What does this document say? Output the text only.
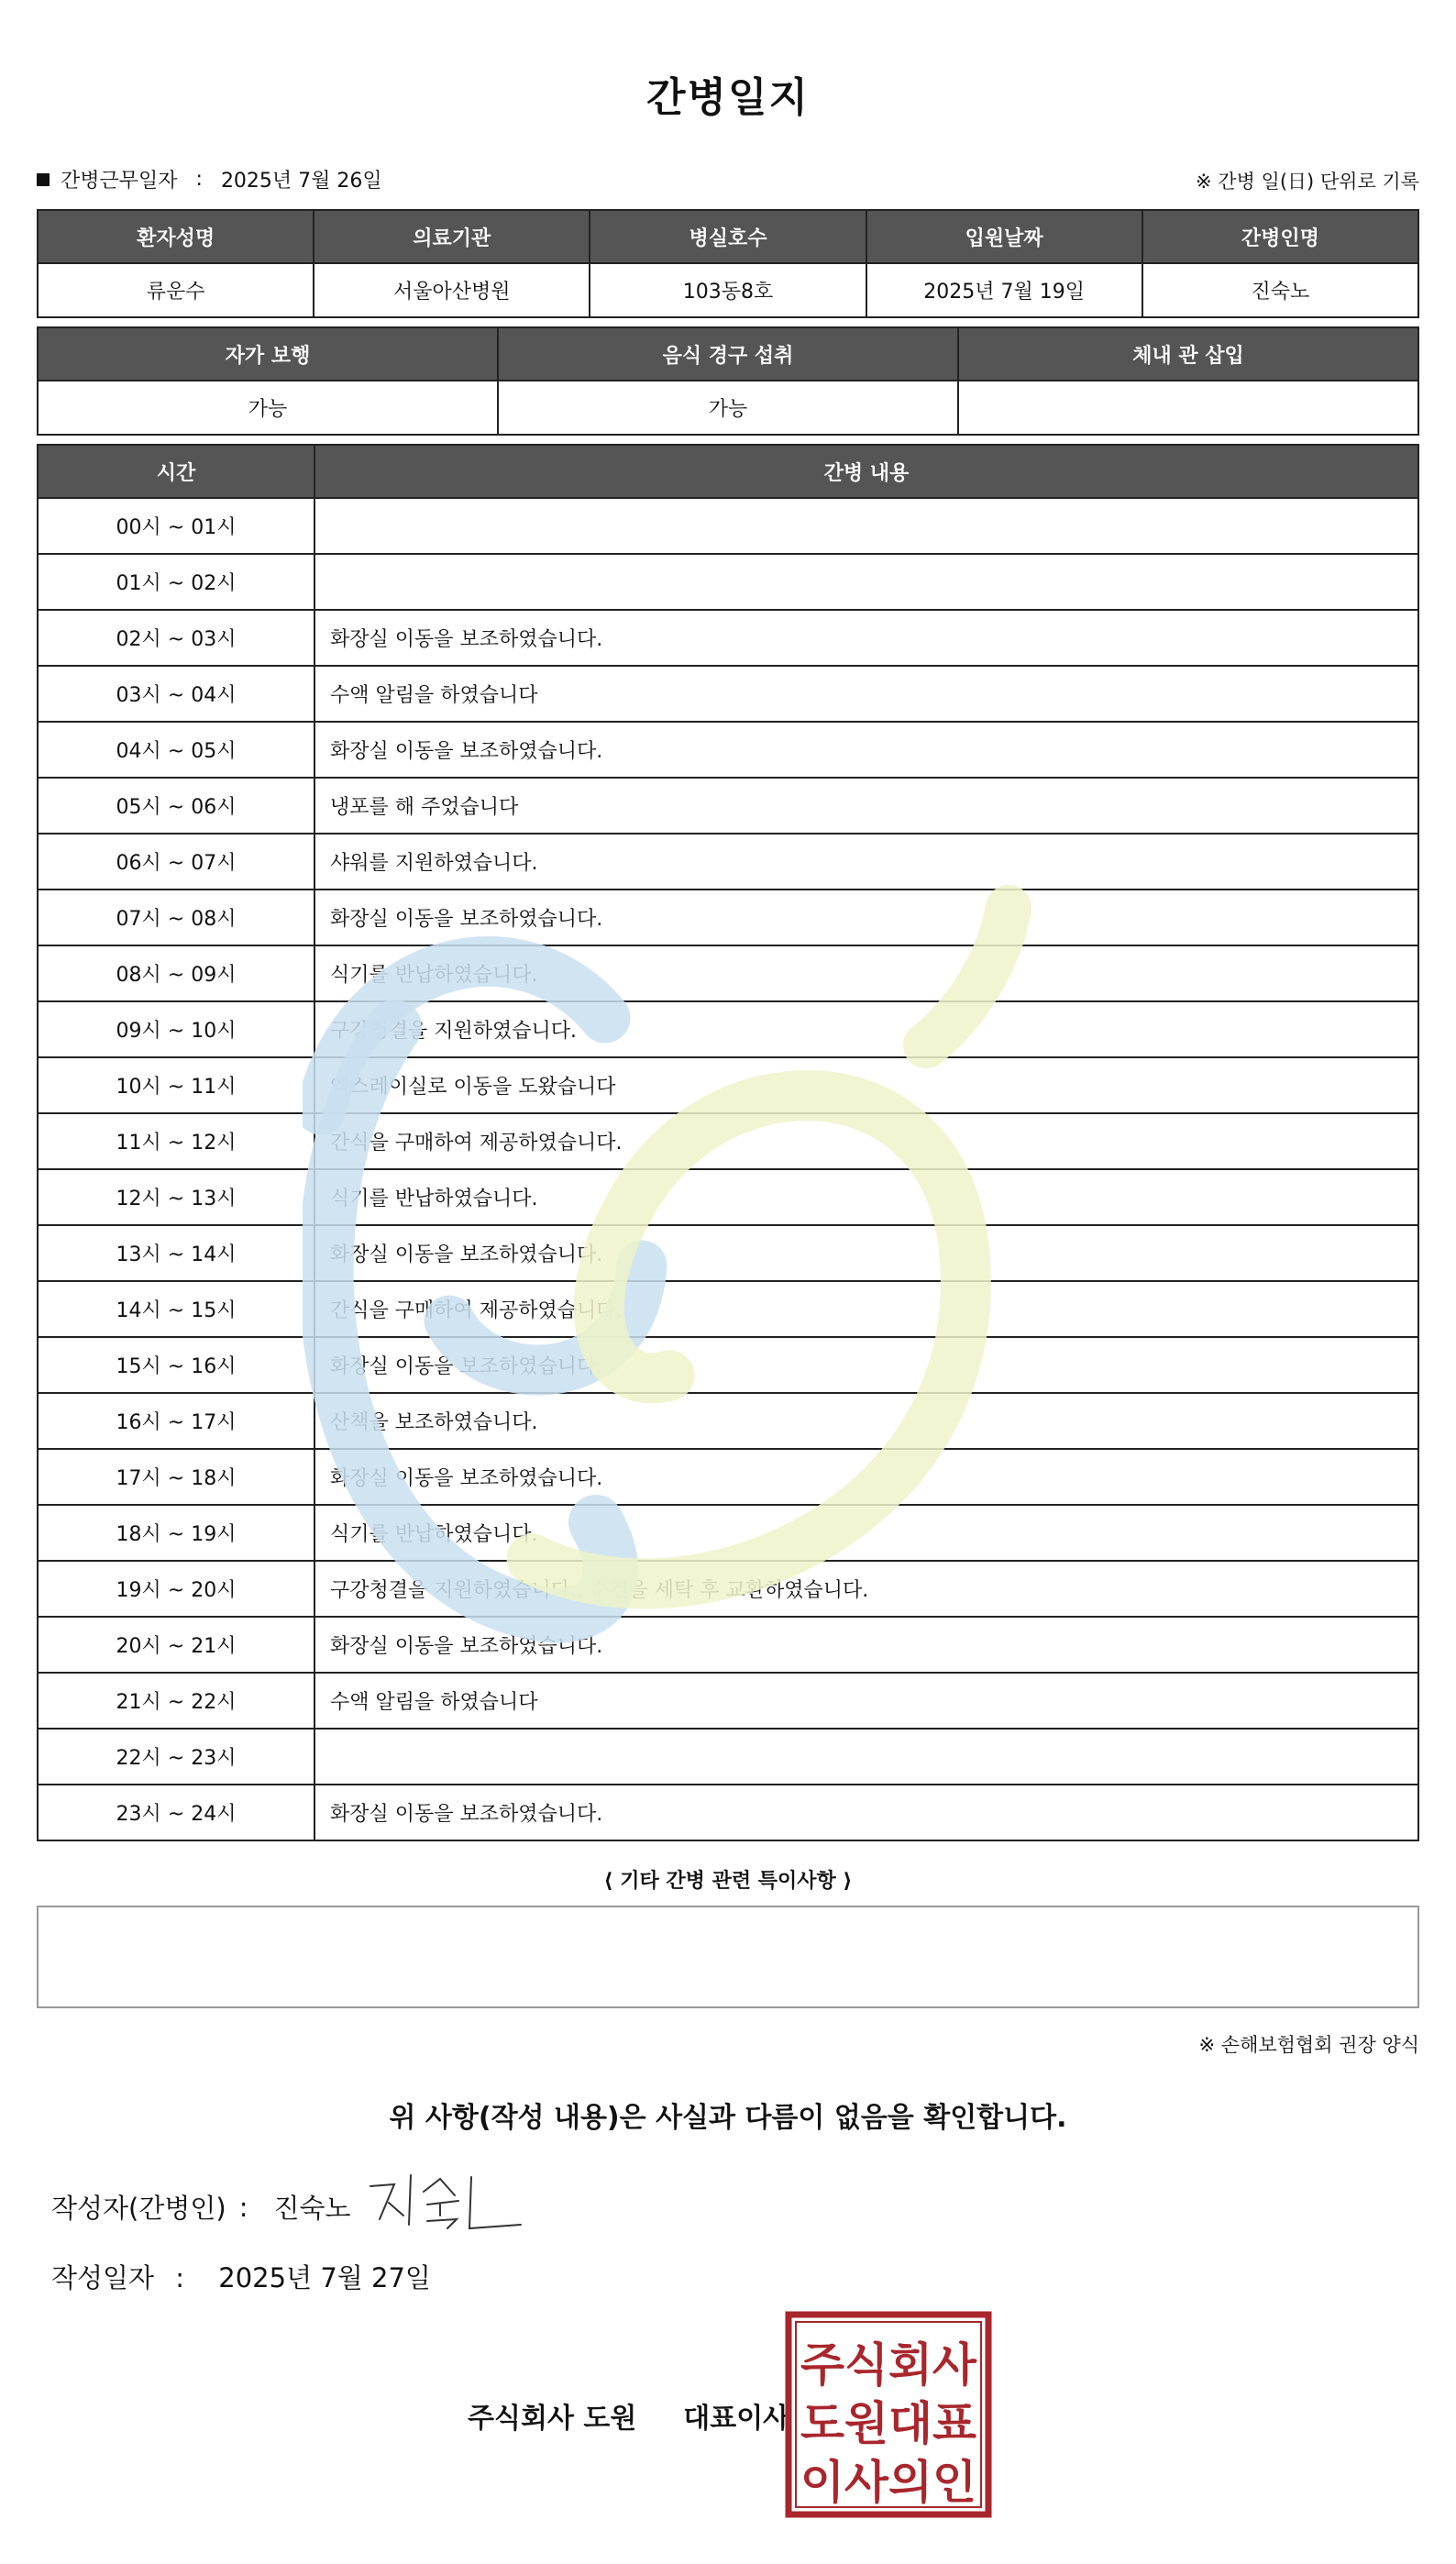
간병일지
간병근무일자 : 2025년 7월 26일	※ 간병 일(日) 단위로 기록
환자성명	의료기관	병실호수	입원날짜	간병인명
류운수	서울아산병원	103동8호	2025년 7월 19일	진숙노
자가 보행	음식 경구 섭취	체내 관 삽입
가능	가능	
시간	간병 내용
00시 ~ 01시	
01시 ~ 02시	
02시 ~ 03시	화장실 이동을 보조하였습니다.
03시 ~ 04시	수액 알림을 하였습니다
04시 ~ 05시	화장실 이동을 보조하였습니다.
05시 ~ 06시	냉포를 해 주었습니다
06시 ~ 07시	샤워를 지원하였습니다.
07시 ~ 08시	화장실 이동을 보조하였습니다.
08시 ~ 09시	식기를 반납하였습니다.
09시 ~ 10시	구강청결을 지원하였습니다.
10시 ~ 11시	엑스레이실로 이동을 도왔습니다
11시 ~ 12시	간식을 구매하여 제공하였습니다.
12시 ~ 13시	식기를 반납하였습니다.
13시 ~ 14시	화장실 이동을 보조하였습니다.
14시 ~ 15시	간식을 구매하여 제공하였습니다.
15시 ~ 16시	화장실 이동을 보조하였습니다.
16시 ~ 17시	산책을 보조하였습니다.
17시 ~ 18시	화장실 이동을 보조하였습니다.
18시 ~ 19시	식기를 반납하였습니다.
19시 ~ 20시	구강청결을 지원하였습니다., 수건을 세탁 후 교환하였습니다.
20시 ~ 21시	화장실 이동을 보조하였습니다.
21시 ~ 22시	수액 알림을 하였습니다
22시 ~ 23시	
23시 ~ 24시	화장실 이동을 보조하였습니다.
⟨ 기타 간병 관련 특이사항 ⟩
※ 손해보험협회 권장 양식
위 사항(작성 내용)은 사실과 다름이 없음을 확인합니다.
작성자(간병인) : 진숙노
작성일자 : 2025년 7월 27일
주식회사 도원 대표이사
주식회사
도원대표
이사의인
